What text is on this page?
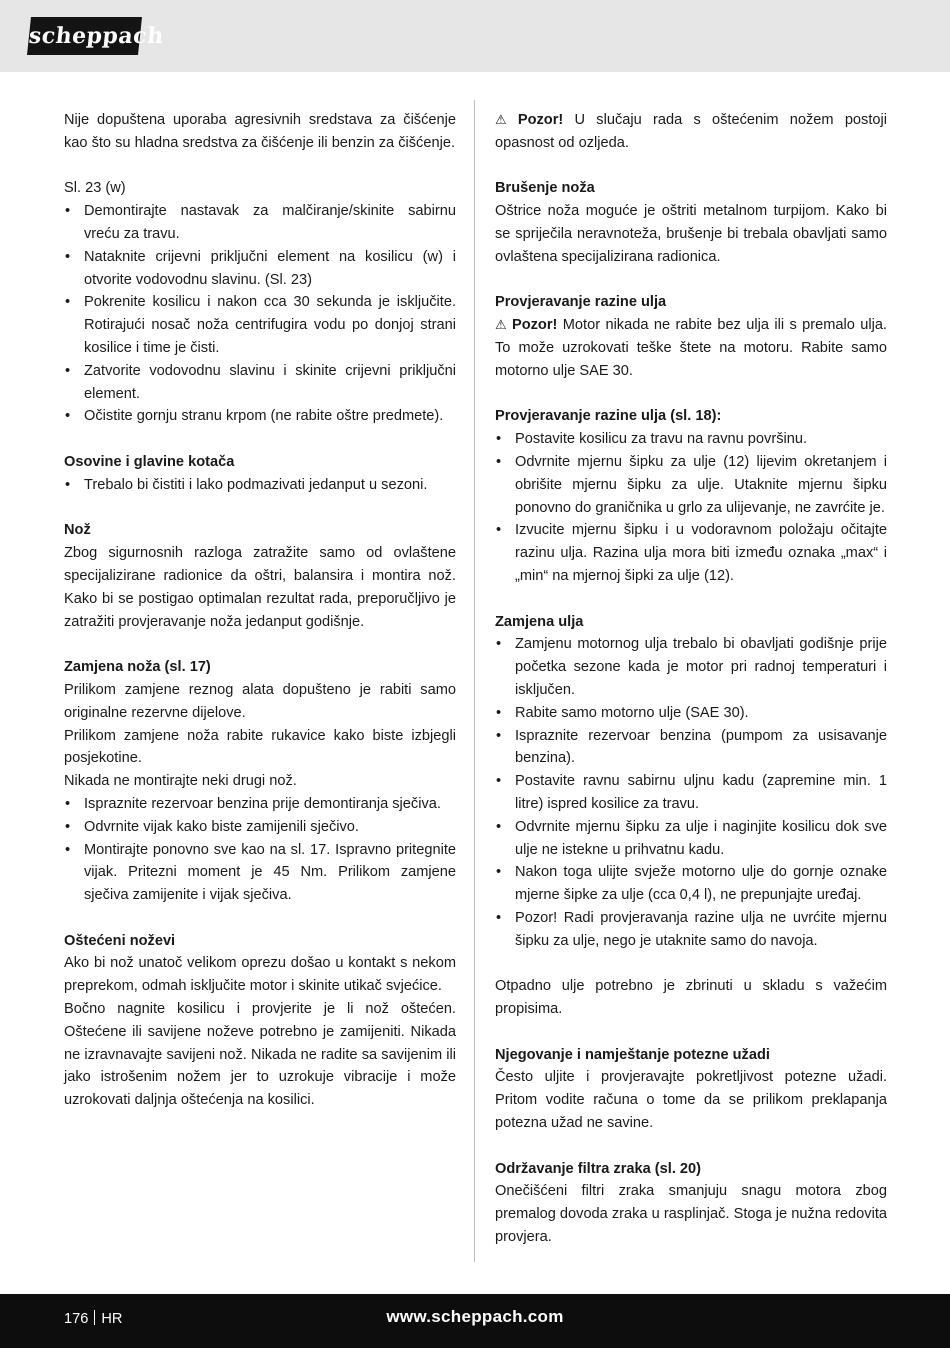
scheppach

Nije dopuštena uporaba agresivnih sredstava za čišćenje kao što su hladna sredstva za čišćenje ili benzin za čišćenje.

Sl. 23 (w)

• Demontirajte nastavak za malčiranje/skinite sabirnu vreću za travu.
• Nataknite crijevni priključni element na kosilicu (w) i otvorite vodovodnu slavinu. (Sl. 23)
• Pokrenite kosilicu i nakon cca 30 sekunda je isključite. Rotirajući nosač noža centrifugira vodu po donjoj strani kosilice i time je čisti.
• Zatvorite vodovodnu slavinu i skinite crijevni priključni element.
• Očistite gornju stranu krpom (ne rabite oštre predmete).
Osovine i glavine kotača
• Trebalo bi čistiti i lako podmazivati jedanput u sezoni.
Nož

Zbog sigurnosnih razloga zatražite samo od ovlaštene specijalizirane radionice da oštri, balansira i montira nož. Kako bi se postigao optimalan rezultat rada, preporučljivo je zatražiti provjeravanje noža jedanput godišnje.

Zamjena noža (sl. 17)

Prilikom zamjene reznog alata dopušteno je rabiti samo originalne rezervne dijelove.

Prilikom zamjene noža rabite rukavice kako biste izbjegli posjekotine.

Nikada ne montirajte neki drugi nož.

• Ispraznite rezervoar benzina prije demontiranja sječiva.
• Odvrnite vijak kako biste zamijenili sječivo.
• Montirajte ponovno sve kao na sl. 17. Ispravno pritegnite vijak. Pritezni moment je 45 Nm. Prilikom zamjene sječiva zamijenite i vijak sječiva.
Oštećeni noževi

Ako bi nož unatoč velikom oprezu došao u kontakt s nekom preprekom, odmah isključite motor i skinite utikač svjećice.

Bočno nagnite kosilicu i provjerite je li nož oštećen. Oštećene ili savijene noževe potrebno je zamijeniti. Nikada ne izravnavajte savijeni nož. Nikada ne radite sa savijenim ili jako istrošenim nožem jer to uzrokuje vibracije i može uzrokovati daljnja oštećenja na kosilici.

⚠ Pozor! U slučaju rada s oštećenim nožem postoji opasnost od ozljeda.

Brušenje noža

Oštrice noža moguće je oštriti metalnom turpijom. Kako bi se spriječila neravnoteža, brušenje bi trebala obavljati samo ovlaštena specijalizirana radionica.

Provjeravanje razine ulja

⚠ Pozor! Motor nikada ne rabite bez ulja ili s premalo ulja. To može uzrokovati teške štete na motoru. Rabite samo motorno ulje SAE 30.

Provjeravanje razine ulja (sl. 18):
• Postavite kosilicu za travu na ravnu površinu.
• Odvrnite mjernu šipku za ulje (12) lijevim okretanjem i obrišite mjernu šipku za ulje. Utaknite mjernu šipku ponovno do graničnika u grlo za ulijevanje, ne zavrćite je.
• Izvucite mjernu šipku i u vodoravnom položaju očitajte razinu ulja. Razina ulja mora biti između oznaka „max“ i „min“ na mjernoj šipki za ulje (12).
Zamjena ulja
• Zamjenu motornog ulja trebalo bi obavljati godišnje prije početka sezone kada je motor pri radnoj temperaturi i isključen.
• Rabite samo motorno ulje (SAE 30).
• Ispraznite rezervoar benzina (pumpom za usisavanje benzina).
• Postavite ravnu sabirnu uljnu kadu (zapremine min. 1 litre) ispred kosilice za travu.
• Odvrnite mjernu šipku za ulje i naginjite kosilicu dok sve ulje ne istekne u prihvatnu kadu.
• Nakon toga ulijte svježe motorno ulje do gornje oznake mjerne šipke za ulje (cca 0,4 l), ne prepunjajte uređaj.
• Pozor! Radi provjeravanja razine ulja ne uvrćite mjernu šipku za ulje, nego je utaknite samo do navoja.

Otpadno ulje potrebno je zbrinuti u skladu s važećim propisima.

Njegovanje i namještanje potezne užadi

Često uljite i provjeravajte pokretljivost potezne užadi. Pritom vodite računa o tome da se prilikom preklapanja potezna užad ne savine.

Održavanje filtra zraka (sl. 20)

Onečišćeni filtri zraka smanjuju snagu motora zbog premalog dovoda zraka u rasplinjač. Stoga je nužna redovita provjera.

176 HR	www.scheppach.com
